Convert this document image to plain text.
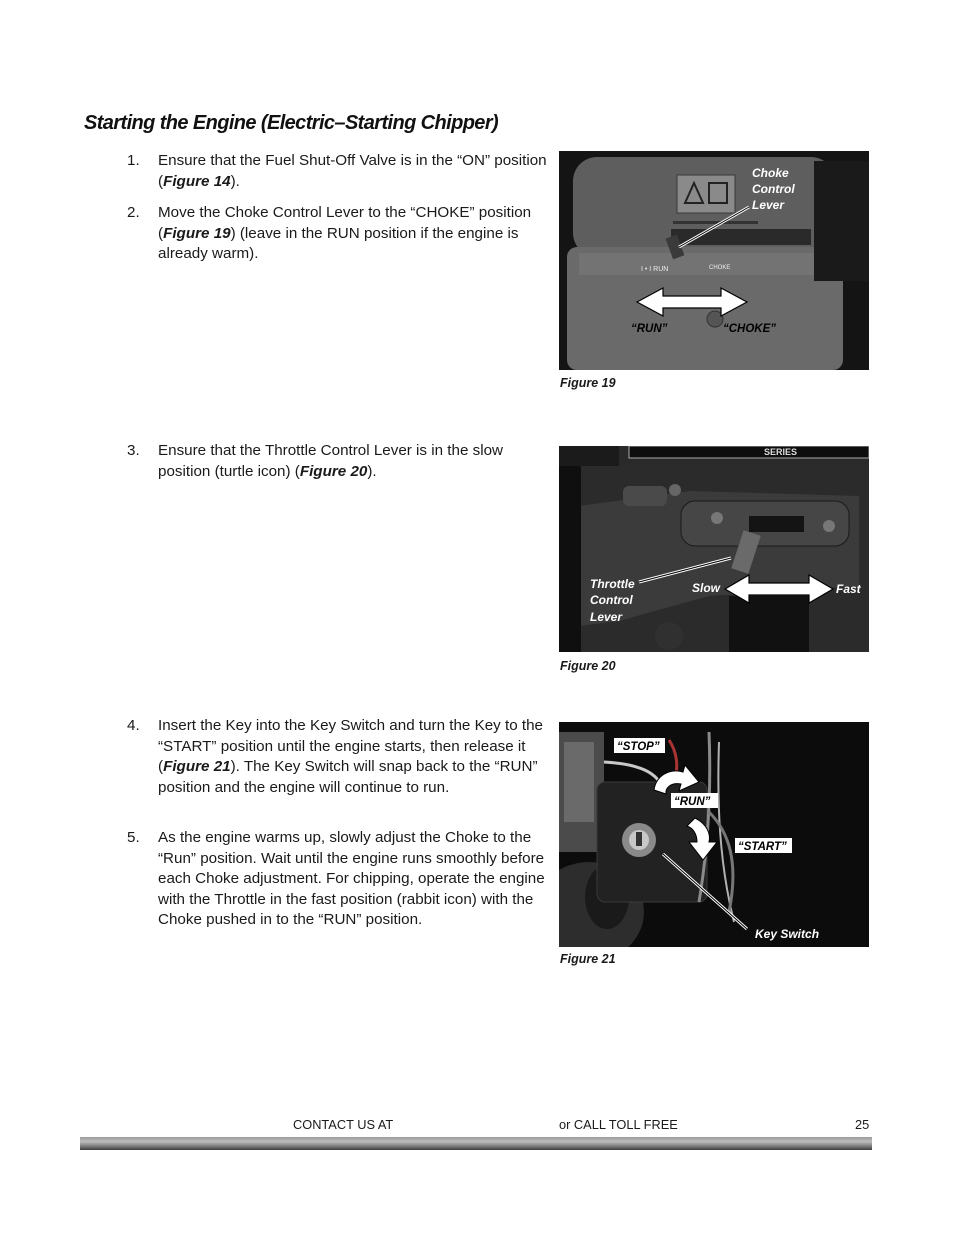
Starting the Engine (Electric–Starting Chipper)
1. Ensure that the Fuel Shut-Off Valve is in the “ON” position (Figure 14).
2. Move the Choke Control Lever to the “CHOKE” position (Figure 19) (leave in the RUN position if the engine is already warm).
3. Ensure that the Throttle Control Lever is in the slow position (turtle icon) (Figure 20).
4. Insert the Key into the Key Switch and turn the Key to the “START” position until the engine starts, then release it (Figure 21). The Key Switch will snap back to the “RUN” position and the engine will continue to run.
5. As the engine warms up, slowly adjust the Choke to the “Run” position. Wait until the engine runs smoothly before each Choke adjustment. For chipping, operate the engine with the Throttle in the fast position (rabbit icon) with the Choke pushed in to the “RUN” position.
I • I RUN	CHOKE
Choke
Control
Lever
“RUN”	“CHOKE”
Figure 19
SERIES
Throttle
Control
Lever
Slow	Fast
Figure 20
“STOP”
“RUN”
“START”
Key Switch
Figure 21
CONTACT US AT	or CALL TOLL FREE	25
